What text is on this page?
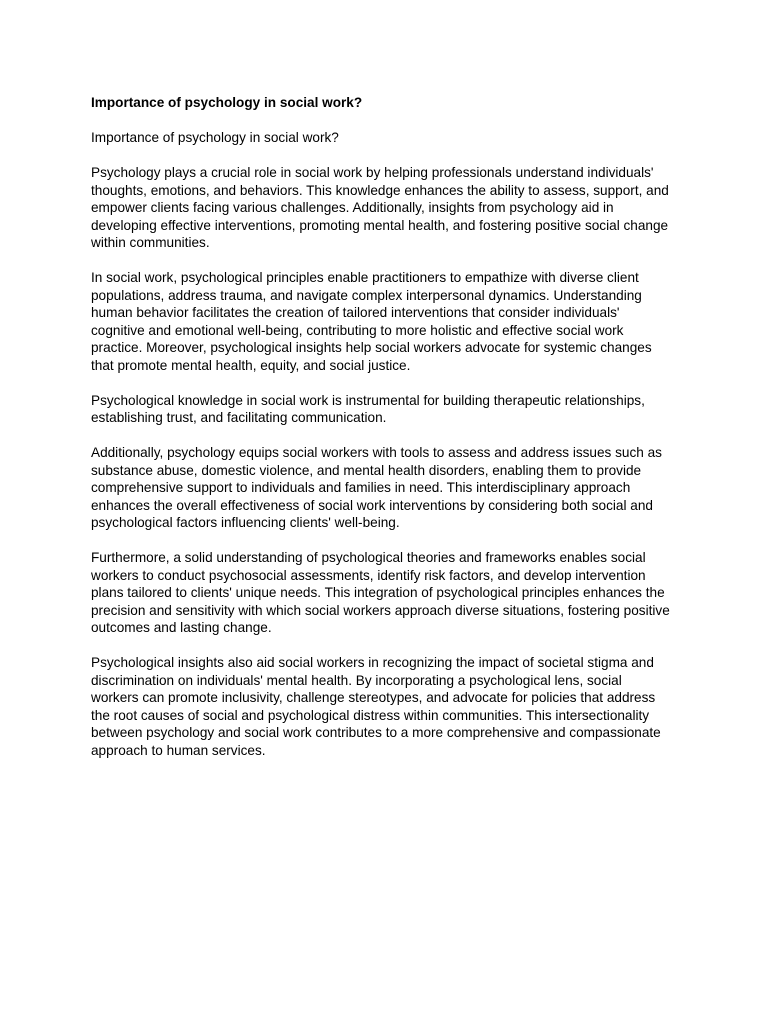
Importance of psychology in social work?
Importance of psychology in social work?
Psychology plays a crucial role in social work by helping professionals understand individuals'
thoughts, emotions, and behaviors. This knowledge enhances the ability to assess, support, and
empower clients facing various challenges. Additionally, insights from psychology aid in
developing effective interventions, promoting mental health, and fostering positive social change
within communities.
In social work, psychological principles enable practitioners to empathize with diverse client
populations, address trauma, and navigate complex interpersonal dynamics. Understanding
human behavior facilitates the creation of tailored interventions that consider individuals'
cognitive and emotional well-being, contributing to more holistic and effective social work
practice. Moreover, psychological insights help social workers advocate for systemic changes
that promote mental health, equity, and social justice.
Psychological knowledge in social work is instrumental for building therapeutic relationships,
establishing trust, and facilitating communication.
Additionally, psychology equips social workers with tools to assess and address issues such as
substance abuse, domestic violence, and mental health disorders, enabling them to provide
comprehensive support to individuals and families in need. This interdisciplinary approach
enhances the overall effectiveness of social work interventions by considering both social and
psychological factors influencing clients' well-being.
Furthermore, a solid understanding of psychological theories and frameworks enables social
workers to conduct psychosocial assessments, identify risk factors, and develop intervention
plans tailored to clients' unique needs. This integration of psychological principles enhances the
precision and sensitivity with which social workers approach diverse situations, fostering positive
outcomes and lasting change.
Psychological insights also aid social workers in recognizing the impact of societal stigma and
discrimination on individuals' mental health. By incorporating a psychological lens, social
workers can promote inclusivity, challenge stereotypes, and advocate for policies that address
the root causes of social and psychological distress within communities. This intersectionality
between psychology and social work contributes to a more comprehensive and compassionate
approach to human services.
